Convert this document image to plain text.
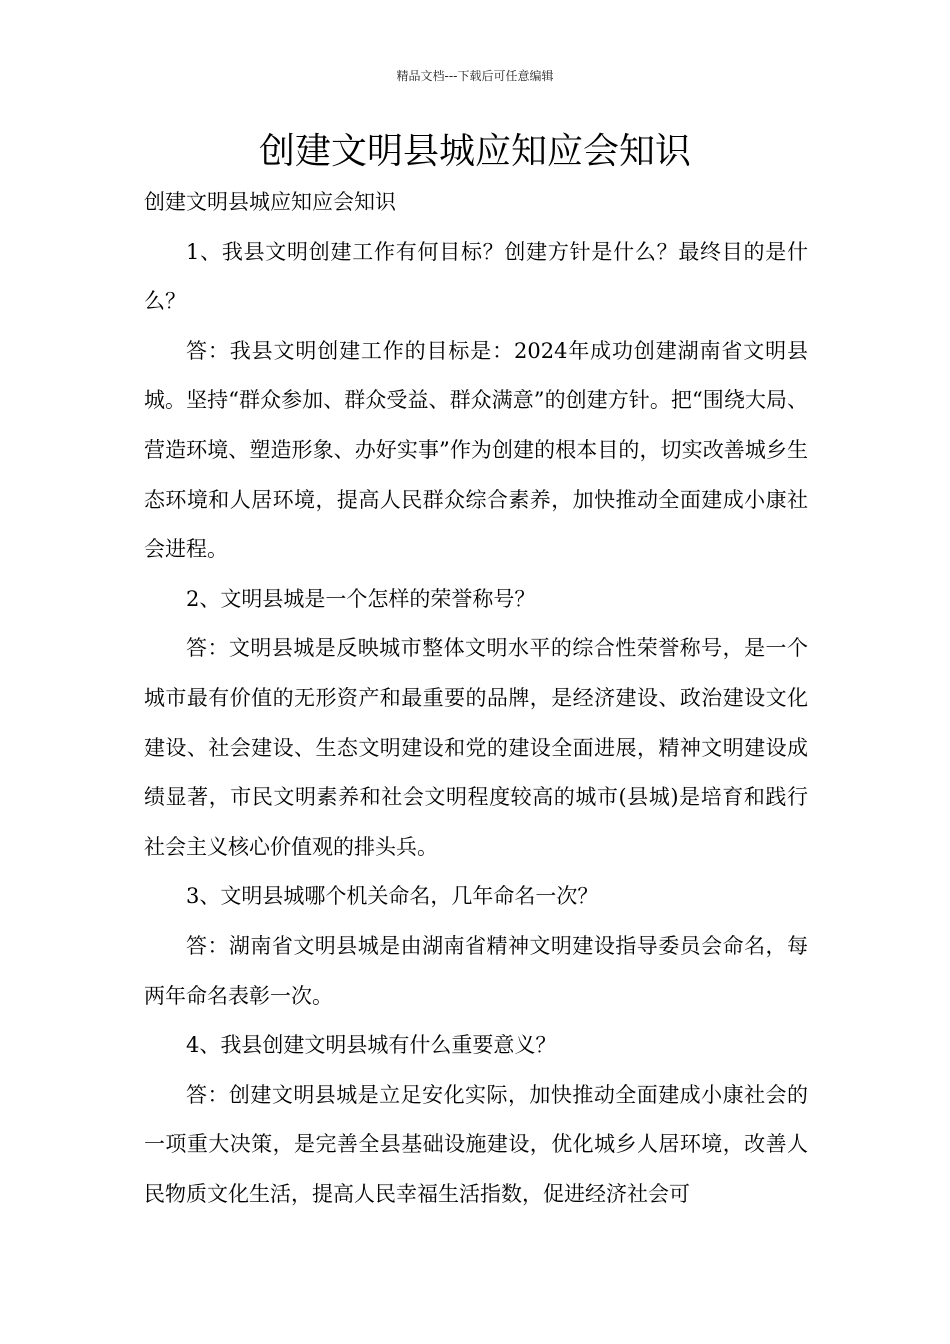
精品文档---下载后可任意编辑
创建文明县城应知应会知识

创建文明县城应知应会知识

1、我县文明创建工作有何目标？创建方针是什么？最终目的是什么？

答：我县文明创建工作的目标是：2024年成功创建湖南省文明县城。坚持“群众参加、群众受益、群众满意”的创建方针。把“围绕大局、营造环境、塑造形象、办好实事”作为创建的根本目的，切实改善城乡生态环境和人居环境，提高人民群众综合素养，加快推动全面建成小康社会进程。

2、文明县城是一个怎样的荣誉称号？

答：文明县城是反映城市整体文明水平的综合性荣誉称号，是一个城市最有价值的无形资产和最重要的品牌，是经济建设、政治建设文化建设、社会建设、生态文明建设和党的建设全面进展，精神文明建设成绩显著，市民文明素养和社会文明程度较高的城市(县城)是培育和践行社会主义核心价值观的排头兵。

3、文明县城哪个机关命名，几年命名一次？

答：湖南省文明县城是由湖南省精神文明建设指导委员会命名，每两年命名表彰一次。

4、我县创建文明县城有什么重要意义？

答：创建文明县城是立足安化实际，加快推动全面建成小康社会的一项重大决策，是完善全县基础设施建设，优化城乡人居环境，改善人民物质文化生活，提高人民幸福生活指数，促进经济社会可
